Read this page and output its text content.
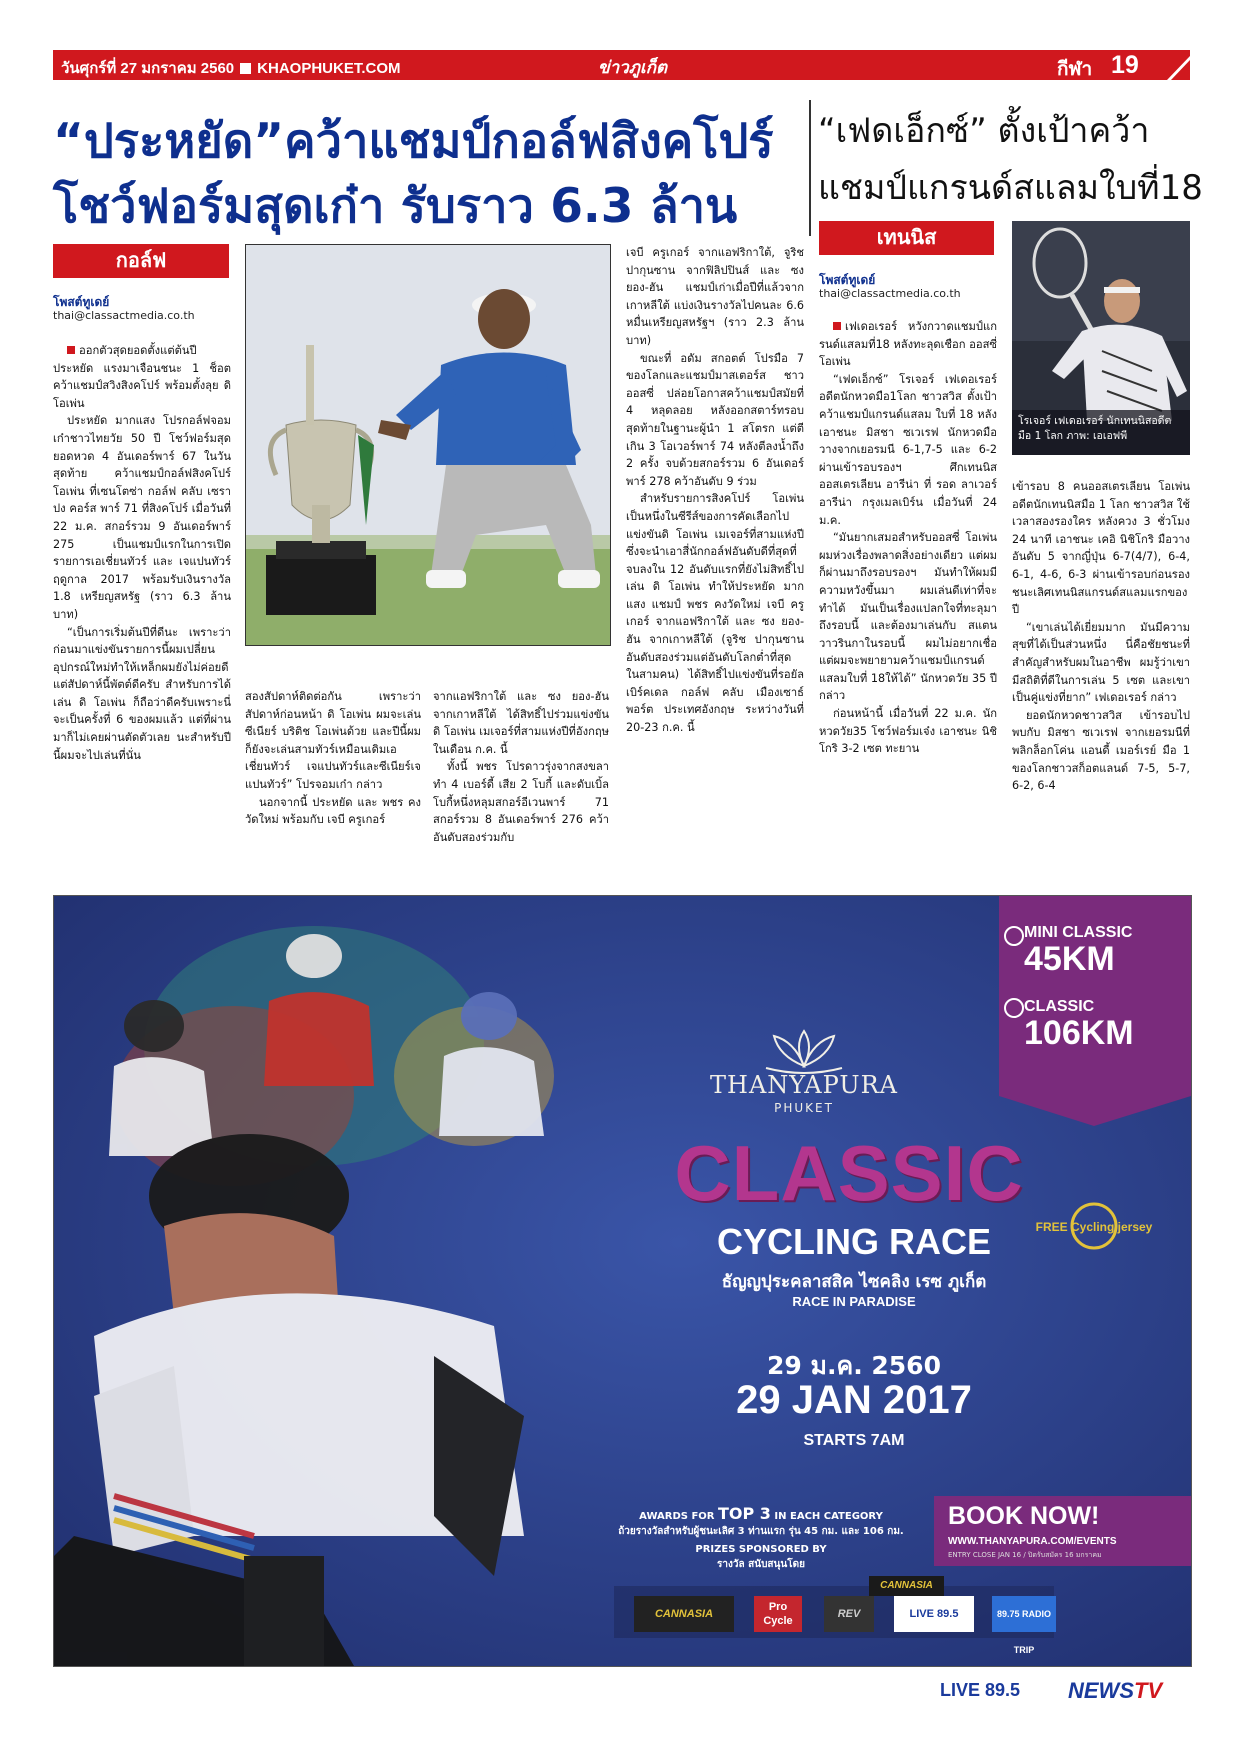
วันศุกร์ที่ 27 มกราคม 2560 KHAOPHUKET.COM	ข่าวภูเก็ต	กีฬา 19
“ประหยัด”คว้าแชมป์กอล์ฟสิงคโปร์
โชว์ฟอร์มสุดเก๋า รับราว 6.3 ล้าน
“เฟดเอ็กซ์” ตั้งเป้าคว้า
แชมป์แกรนด์สแลมใบที่18
กอล์ฟ
โพสต์ทูเดย์
thai@classactmedia.co.th

ออกตัวสุดยอดตั้งแต่ต้นปี ประหยัด แรงมาเจือนชนะ 1 ช็อต คว้าแชมป์สวิงสิงคโปร์ พร้อมตั้งลุย ดิ โอเพ่น

ประหยัด มากแสง โปรกอล์ฟจอมเก๋าชาวไทยวัย 50 ปี โชว์ฟอร์มสุดยอดหวด 4 อันเดอร์พาร์ 67 ในวันสุดท้าย คว้าแชมป์กอล์ฟสิงคโปร์ โอเพ่น ที่เซนโตซ่า กอล์ฟ คลับ เซราปง คอร์ส พาร์ 71 ที่สิงคโปร์ เมื่อวันที่ 22 ม.ค. สกอร์รวม 9 อันเดอร์พาร์ 275 เป็นแชมป์แรกในการเปิดรายการเอเชี่ยนทัวร์ และ เจแปนทัวร์ฤดูกาล 2017 พร้อมรับเงินรางวัล 1.8 เหรียญสหรัฐ (ราว 6.3 ล้านบาท)

“เป็นการเริ่มต้นปีที่ดีนะ เพราะว่าก่อนมาแข่งขันรายการนี้ผมเปลี่ยนอุปกรณ์ใหม่ทำให้เหล็กผมยังไม่ค่อยดี แต่สัปดาห์นี้พัตต์ดีครับ สำหรับการได้เล่น ดิ โอเพ่น ก็ถือว่าดีครับเพราะนี่จะเป็นครั้งที่ 6 ของผมแล้ว แต่ที่ผ่านมาก็ไม่เคยผ่านตัดตัวเลย นะสำหรับปีนี้ผมจะไปเล่นที่นั่น

สองสัปดาห์ติดต่อกัน เพราะว่าสัปดาห์ก่อนหน้า ดิ โอเพ่น ผมจะเล่นซีเนียร์ บริติช โอเพ่นด้วย และปีนี้ผมก็ยังจะเล่นสามทัวร์เหมือนเดิมเอเชี่ยนทัวร์ เจแปนทัวร์และซีเนียร์เจแปนทัวร์” โปรจอมเก๋า กล่าว

นอกจากนี้ ประหยัด และ พชร คงวัดใหม่ พร้อมกับ เจบี ครูเกอร์

จากแอฟริกาใต้ และ ซง ยอง-ฮัน จากเกาหลีใต้ ได้สิทธิ์ไปร่วมแข่งขันดิ โอเพ่น เมเจอร์ที่สามแห่งปีที่อังกฤษ ในเดือน ก.ค. นี้

ทั้งนี้ พชร โปรดาวรุ่งจากสงขลา ทำ 4 เบอร์ดี้ เสีย 2 โบกี้ และดับเบิ้ลโบกี้หนึ่งหลุมสกอร์อีเวนพาร์ 71 สกอร์รวม 8 อันเดอร์พาร์ 276 คว้าอันดับสองร่วมกับ

เจบี ครูเกอร์ จากแอฟริกาใต้, จูริช ปากุนซาน จากฟิลิปปินส์ และ ซง ยอง-ฮัน แชมป์เก่าเมื่อปีที่แล้วจากเกาหลีใต้ แบ่งเงินรางวัลไปคนละ 6.6 หมื่นเหรียญสหรัฐฯ (ราว 2.3 ล้านบาท)

ขณะที่ อดัม สกอตต์ โปรมือ 7 ของโลกและแชมป์มาสเตอร์ส ชาวออสซี่ ปล่อยโอกาสคว้าแชมป์สมัยที่ 4 หลุดลอย หลังออกสตาร์ทรอบสุดท้ายในฐานะผู้นำ 1 สโตรก แต่ตีเกิน 3 โอเวอร์พาร์ 74 หลังตีลงน้ำถึง 2 ครั้ง จบด้วยสกอร์รวม 6 อันเดอร์พาร์ 278 คว้าอันดับ 9 ร่วม

สำหรับรายการสิงคโปร์ โอเพ่น เป็นหนึ่งในซีรีส์ของการคัดเลือกไปแข่งขันดิ โอเพ่น เมเจอร์ที่สามแห่งปี ซึ่งจะนำเอาสี่นักกอล์ฟอันดับดีที่สุดที่จบลงใน 12 อันดับแรกที่ยังไม่สิทธิ์ไปเล่น ดิ โอเพ่น ทำให้ประหยัด มากแสง แชมป์ พชร คงวัดใหม่ เจบี ครูเกอร์ จากแอฟริกาใต้ และ ซง ยอง-ฮัน จากเกาหลีใต้ (จูริช ปากุนซาน อันดับสองร่วมแต่อันดับโลกต่ำที่สุดในสามคน) ได้สิทธิ์ไปแข่งขันที่รอยัล เบิร์คเดล กอล์ฟ คลับ เมืองเซาธ์พอร์ต ประเทศอังกฤษ ระหว่างวันที่ 20-23 ก.ค. นี้

เทนนิส
โพสต์ทูเดย์
thai@classactmedia.co.th
โรเจอร์ เฟเดอเรอร์ นักเทนนิสอดีตมือ 1 โลก ภาพ: เอเอฟพี

เฟเดอเรอร์ หวังกวาดแชมป์แกรนด์แสลมที่18 หลังทะลุดเชือก ออสซี่โอเพ่น

“เฟดเอ็กซ์” โรเจอร์ เฟเดอเรอร์ อดีตนักหวดมือ1โลก ชาวสวิส ตั้งเป้าคว้าแชมป์แกรนด์แสลม ใบที่ 18 หลัง เอาชนะ มิสชา ซเวเรฟ นักหวดมือวางจากเยอรมนี 6-1,7-5 และ 6-2 ผ่านเข้ารอบรองฯ ศึกเทนนิสออสเตรเลียน อารีน่า ที่ รอด ลาเวอร์ อารีน่า กรุงเมลเบิร์น เมื่อวันที่ 24 ม.ค.

“มันยากเสมอสำหรับออสซี่ โอเพ่น ผมห่วงเรื่องพลาดสิ่งอย่างเดียว แต่ผมก็ผ่านมาถึงรอบรองฯ มันทำให้ผมมีความหวังขึ้นมา ผมเล่นดีเท่าที่จะทำได้ มันเป็นเรื่องแปลกใจที่ทะลุมาถึงรอบนี้ และต้องมาเล่นกับ สแตน วาวรินกาในรอบนี้ ผมไม่อยากเชื่อ แต่ผมจะพยายามคว้าแชมป์แกรนด์แสลมใบที่ 18ให้ได้” นักหวดวัย 35 ปี กล่าว

ก่อนหน้านี้ เมื่อวันที่ 22 ม.ค. นักหวดวัย35 โชว์ฟอร์มเจ๋ง เอาชนะ นิชิโกริ 3-2 เซต ทะยาน

เข้ารอบ 8 คนออสเตรเลียน โอเพ่น อดีตนักเทนนิสมือ 1 โลก ชาวสวิส ใช้เวลาสองรองใคร หลังควง 3 ชั่วโมง 24 นาที เอาชนะ เคอิ นิชิโกริ มือวางอันดับ 5 จากญี่ปุ่น 6-7(4/7), 6-4, 6-1, 4-6, 6-3 ผ่านเข้ารอบก่อนรองชนะเลิศเทนนิสแกรนด์สแลมแรกของปี

“เขาเล่นได้เยี่ยมมาก มันมีความสุขที่ได้เป็นส่วนหนึ่ง นี่คือชัยชนะที่สำคัญสำหรับผมในอาชีพ ผมรู้ว่าเขามีสถิติที่ดีในการเล่น 5 เซต และเขาเป็นคู่แข่งที่ยาก” เฟเดอเรอร์ กล่าว

ยอดนักหวดชาวสวิส เข้ารอบไปพบกับ มิสชา ซเวเรฟ จากเยอรมนีที่พลิกล็อกโค่น แอนดี้ เมอร์เรย์ มือ 1 ของโลกชาวสก็อตแลนด์ 7-5, 5-7, 6-2, 6-4

MINI CLASSIC
45KM
CLASSIC
106KM
FREE Cycling jersey
THANYAPURA
PHUKET
CLASSIC
CYCLING RACE
ธัญญปุระคลาสสิค ไซคลิง เรซ ภูเก็ต
RACE IN PARADISE
29 ม.ค. 2560
29 JAN 2017
STARTS 7AM
AWARDS FOR TOP 3 IN EACH CATEGORY
ถ้วยรางวัลสำหรับผู้ชนะเลิศ 3 ท่านแรก รุ่น 45 กม. และ 106 กม.
PRIZES SPONSORED BY
รางวัล สนับสนุนโดย
CANNASIA
BOOK NOW!
WWW.THANYAPURA.COM/EVENTS
ENTRY CLOSE JAN 16 / ปิดรับสมัคร 16 มกราคม
CANNASIA
Pro Cycle
REV	LIVE 89.5	89.75 RADIO TRIP
LIVE 89.5 NEWSTV
